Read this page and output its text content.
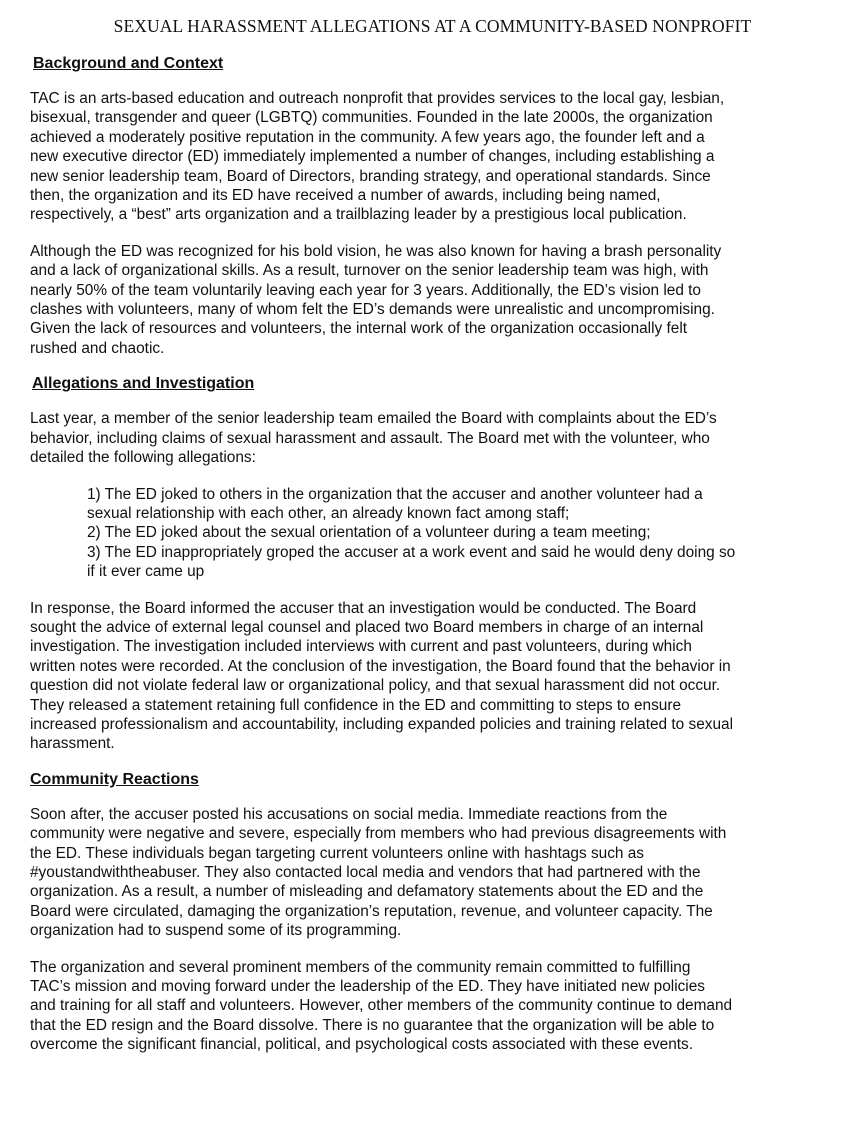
SEXUAL HARASSMENT ALLEGATIONS AT A COMMUNITY-BASED NONPROFIT
Background and Context
TAC is an arts-based education and outreach nonprofit that provides services to the local gay, lesbian,
bisexual, transgender and queer (LGBTQ) communities. Founded in the late 2000s, the organization
achieved a moderately positive reputation in the community. A few years ago, the founder left and a
new executive director (ED) immediately implemented a number of changes, including establishing a
new senior leadership team, Board of Directors, branding strategy, and operational standards. Since
then, the organization and its ED have received a number of awards, including being named,
respectively, a “best” arts organization and a trailblazing leader by a prestigious local publication.
Although the ED was recognized for his bold vision, he was also known for having a brash personality
and a lack of organizational skills. As a result, turnover on the senior leadership team was high, with
nearly 50% of the team voluntarily leaving each year for 3 years. Additionally, the ED’s vision led to
clashes with volunteers, many of whom felt the ED’s demands were unrealistic and uncompromising.
Given the lack of resources and volunteers, the internal work of the organization occasionally felt
rushed and chaotic.
Allegations and Investigation
Last year, a member of the senior leadership team emailed the Board with complaints about the ED’s
behavior, including claims of sexual harassment and assault. The Board met with the volunteer, who
detailed the following allegations:
1) The ED joked to others in the organization that the accuser and another volunteer had a
sexual relationship with each other, an already known fact among staff;
2) The ED joked about the sexual orientation of a volunteer during a team meeting;
3) The ED inappropriately groped the accuser at a work event and said he would deny doing so
if it ever came up
In response, the Board informed the accuser that an investigation would be conducted. The Board
sought the advice of external legal counsel and placed two Board members in charge of an internal
investigation. The investigation included interviews with current and past volunteers, during which
written notes were recorded. At the conclusion of the investigation, the Board found that the behavior in
question did not violate federal law or organizational policy, and that sexual harassment did not occur.
They released a statement retaining full confidence in the ED and committing to steps to ensure
increased professionalism and accountability, including expanded policies and training related to sexual
harassment.
Community Reactions
Soon after, the accuser posted his accusations on social media. Immediate reactions from the
community were negative and severe, especially from members who had previous disagreements with
the ED. These individuals began targeting current volunteers online with hashtags such as
#youstandwiththeabuser. They also contacted local media and vendors that had partnered with the
organization. As a result, a number of misleading and defamatory statements about the ED and the
Board were circulated, damaging the organization’s reputation, revenue, and volunteer capacity. The
organization had to suspend some of its programming.
The organization and several prominent members of the community remain committed to fulfilling
TAC’s mission and moving forward under the leadership of the ED. They have initiated new policies
and training for all staff and volunteers. However, other members of the community continue to demand
that the ED resign and the Board dissolve. There is no guarantee that the organization will be able to
overcome the significant financial, political, and psychological costs associated with these events.
